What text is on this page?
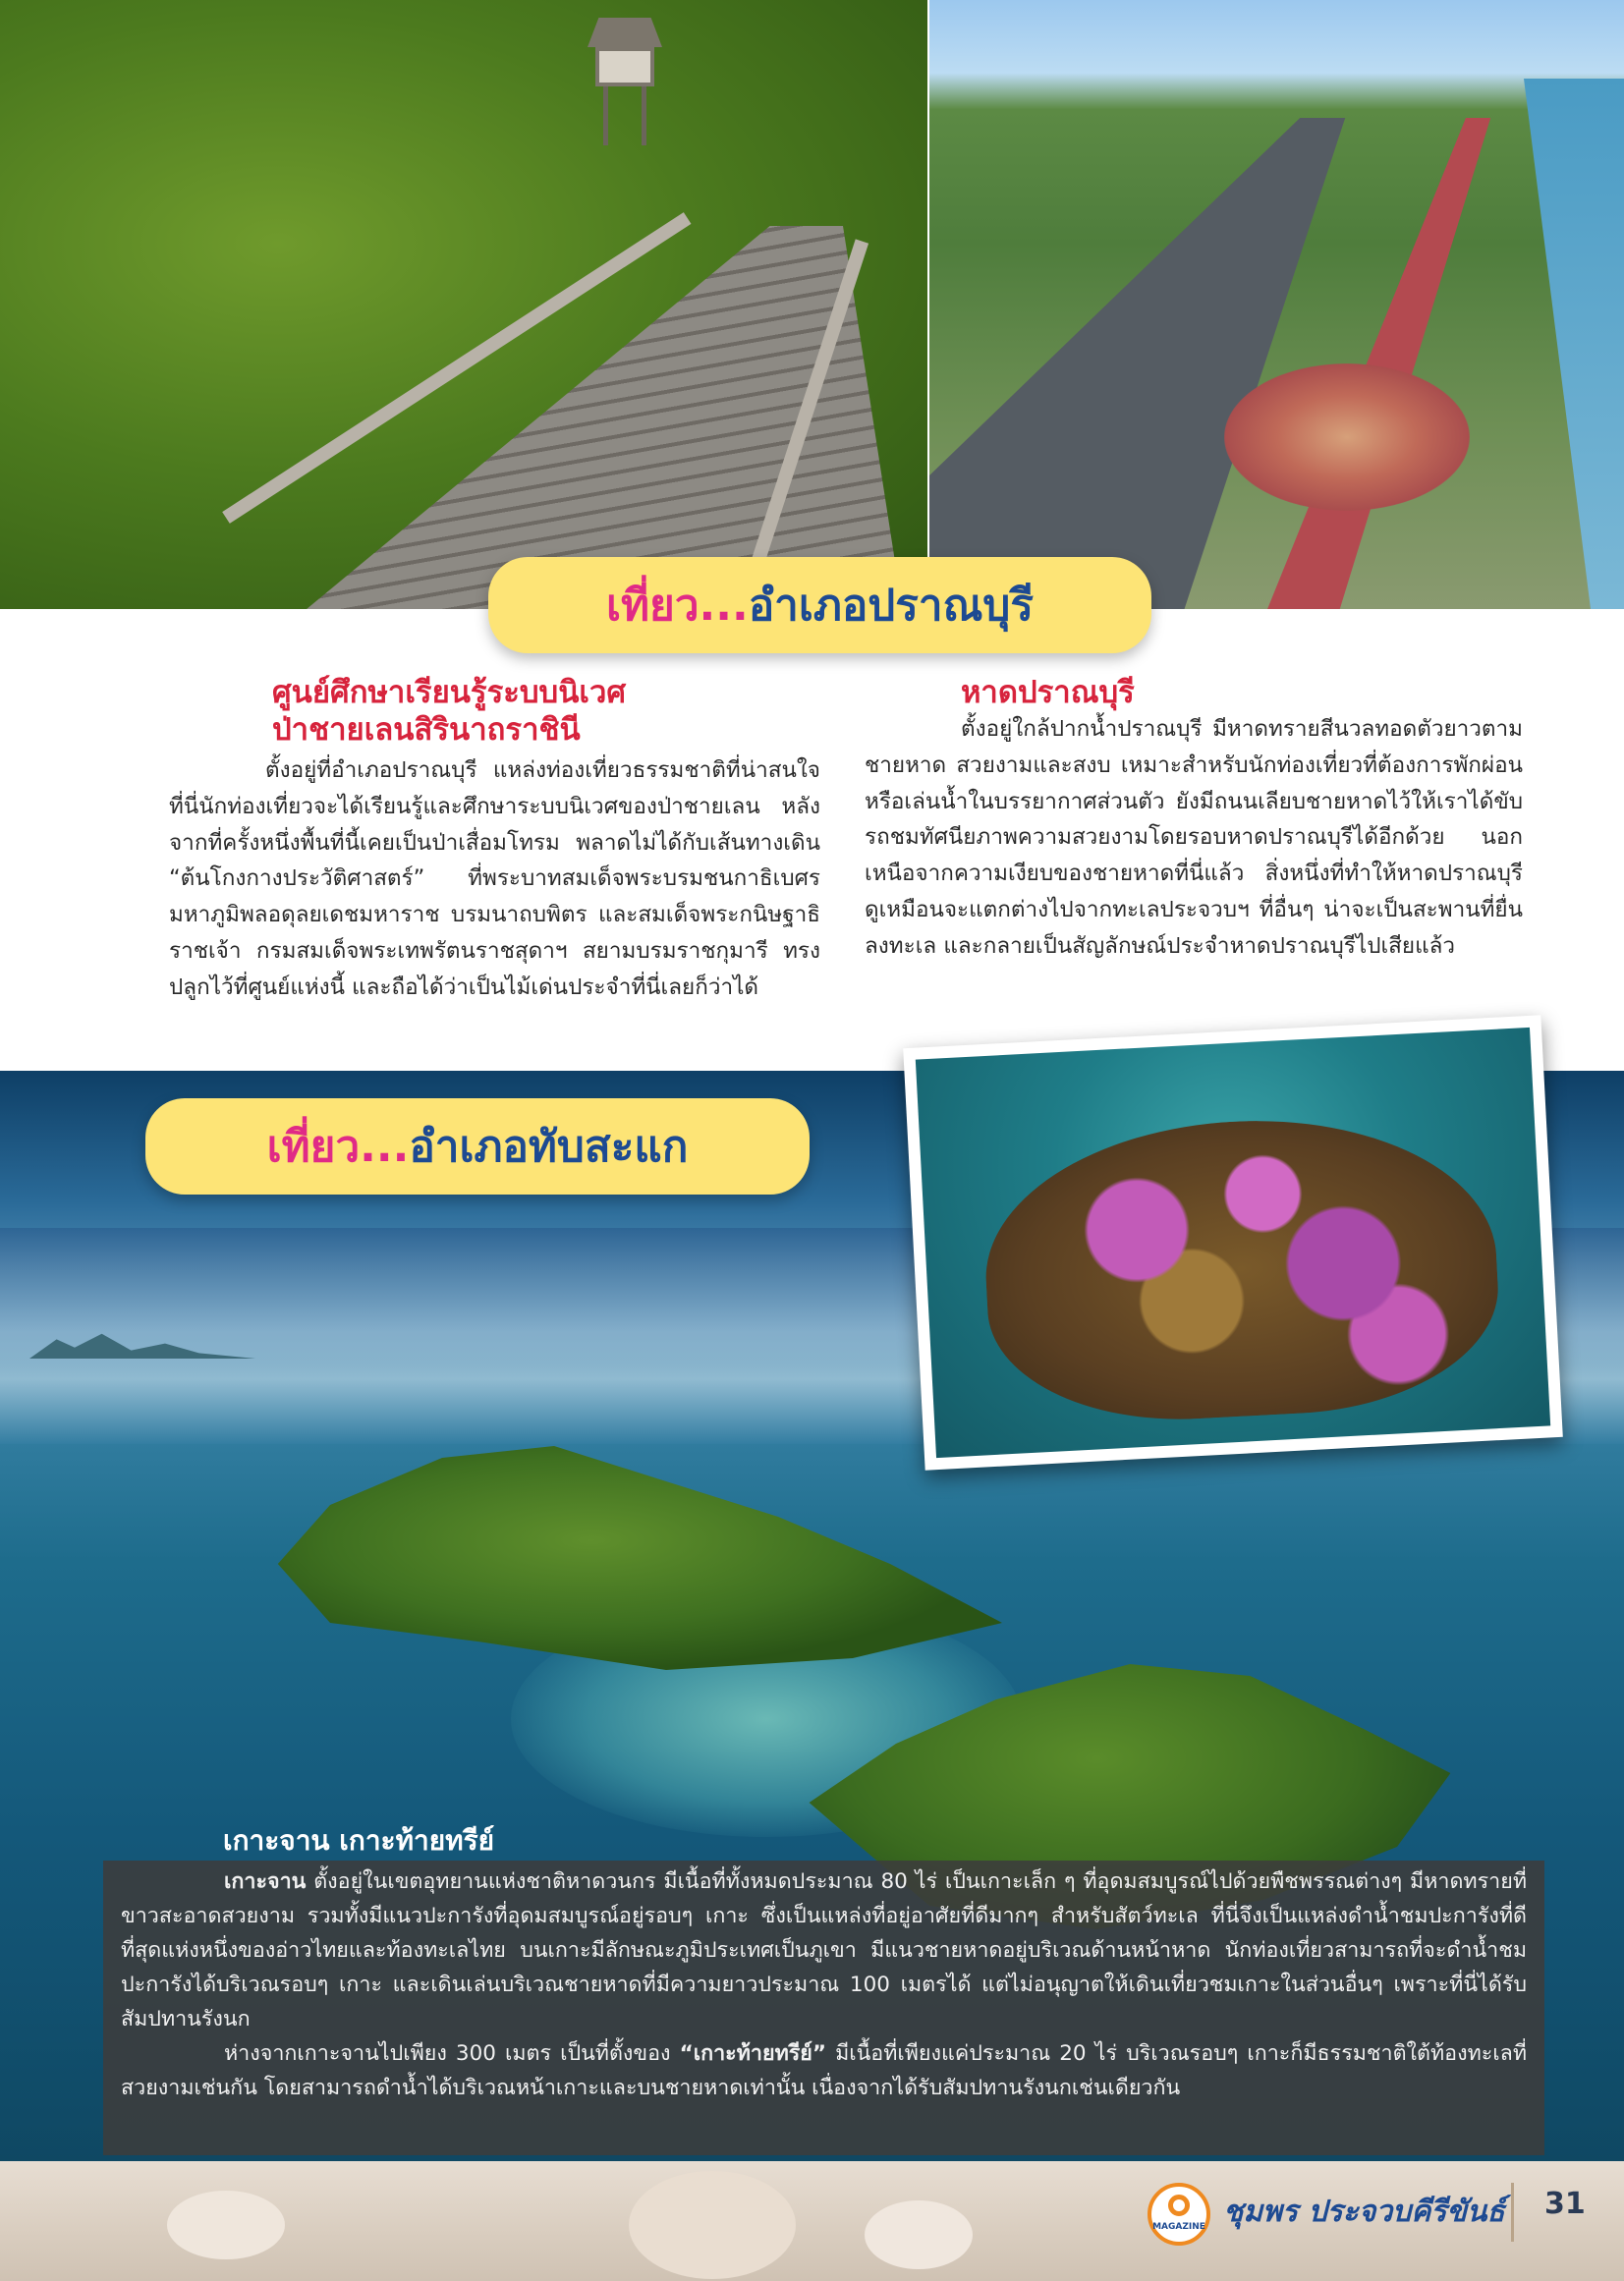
เที่ยว... อำเภอปราณบุรี
ศูนย์ศึกษาเรียนรู้ระบบนิเวศ
ป่าชายเลนสิรินาถราชินี

ตั้งอยู่ที่อำเภอปราณบุรี แหล่งท่องเที่ยวธรรมชาติที่น่าสนใจที่นี่นักท่องเที่ยวจะได้เรียนรู้และศึกษาระบบนิเวศของป่าชายเลน หลังจากที่ครั้งหนึ่งพื้นที่นี้เคยเป็นป่าเสื่อมโทรม พลาดไม่ได้กับเส้นทางเดิน “ต้นโกงกางประวัติศาสตร์” ที่พระบาทสมเด็จพระบรมชนกาธิเบศร มหาภูมิพลอดุลยเดชมหาราช บรมนาถบพิตร และสมเด็จพระกนิษฐาธิราชเจ้า กรมสมเด็จพระเทพรัตนราชสุดาฯ สยามบรมราชกุมารี ทรงปลูกไว้ที่ศูนย์แห่งนี้ และถือได้ว่าเป็นไม้เด่นประจำที่นี่เลยก็ว่าได้

หาดปราณบุรี

ตั้งอยู่ใกล้ปากน้ำปราณบุรี มีหาดทรายสีนวลทอดตัวยาวตามชายหาด สวยงามและสงบ เหมาะสำหรับนักท่องเที่ยวที่ต้องการพักผ่อนหรือเล่นน้ำในบรรยากาศส่วนตัว ยังมีถนนเลียบชายหาดไว้ให้เราได้ขับรถชมทัศนียภาพความสวยงามโดยรอบหาดปราณบุรีได้อีกด้วย นอกเหนือจากความเงียบของชายหาดที่นี่แล้ว สิ่งหนึ่งที่ทำให้หาดปราณบุรีดูเหมือนจะแตกต่างไปจากทะเลประจวบฯ ที่อื่นๆ น่าจะเป็นสะพานที่ยื่นลงทะเล และกลายเป็นสัญลักษณ์ประจำหาดปราณบุรีไปเสียแล้ว

เที่ยว... อำเภอทับสะแก
เกาะจาน เกาะท้ายทรีย์

เกาะจาน ตั้งอยู่ในเขตอุทยานแห่งชาติหาดวนกร มีเนื้อที่ทั้งหมดประมาณ 80 ไร่ เป็นเกาะเล็ก ๆ ที่อุดมสมบูรณ์ไปด้วยพืชพรรณต่างๆ มีหาดทรายที่ขาวสะอาดสวยงาม รวมทั้งมีแนวปะการังที่อุดมสมบูรณ์อยู่รอบๆ เกาะ ซึ่งเป็นแหล่งที่อยู่อาศัยที่ดีมากๆ สำหรับสัตว์ทะเล ที่นี่จึงเป็นแหล่งดำน้ำชมปะการังที่ดีที่สุดแห่งหนึ่งของอ่าวไทยและท้องทะเลไทย บนเกาะมีลักษณะภูมิประเทศเป็นภูเขา มีแนวชายหาดอยู่บริเวณด้านหน้าหาด นักท่องเที่ยวสามารถที่จะดำน้ำชมปะการังได้บริเวณรอบๆ เกาะ และเดินเล่นบริเวณชายหาดที่มีความยาวประมาณ 100 เมตรได้ แต่ไม่อนุญาตให้เดินเที่ยวชมเกาะในส่วนอื่นๆ เพราะที่นี่ได้รับสัมปทานรังนก

ห่างจากเกาะจานไปเพียง 300 เมตร เป็นที่ตั้งของ “เกาะท้ายทรีย์” มีเนื้อที่เพียงแค่ประมาณ 20 ไร่ บริเวณรอบๆ เกาะก็มีธรรมชาติใต้ท้องทะเลที่สวยงามเช่นกัน โดยสามารถดำน้ำได้บริเวณหน้าเกาะและบนชายหาดเท่านั้น เนื่องจากได้รับสัมปทานรังนกเช่นเดียวกัน

MAGAZINE ชุมพร ประจวบคีรีขันธ์ 31
